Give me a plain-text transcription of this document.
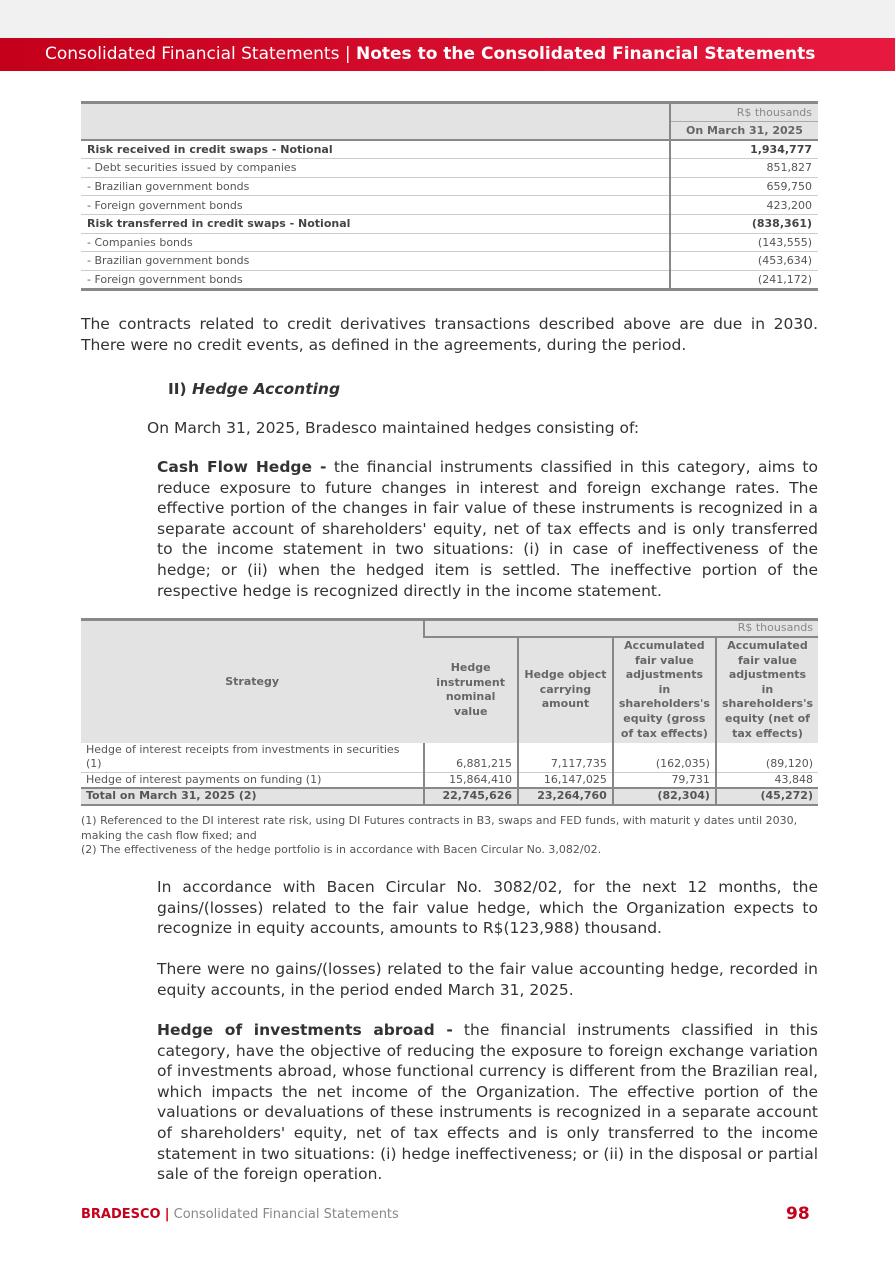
Consolidated Financial Statements | Notes to the Consolidated Financial Statements
	R$ thousands
	On March 31, 2025
Risk received in credit swaps - Notional	1,934,777
- Debt securities issued by companies	851,827
- Brazilian government bonds	659,750
- Foreign government bonds	423,200
Risk transferred in credit swaps - Notional	(838,361)
- Companies bonds	(143,555)
- Brazilian government bonds	(453,634)
- Foreign government bonds	(241,172)

The contracts related to credit derivatives transactions described above are due in 2030. There were no credit events, as defined in the agreements, during the period.

II) Hedge Acconting

On March 31, 2025, Bradesco maintained hedges consisting of:

Cash Flow Hedge - the financial instruments classified in this category, aims to reduce exposure to future changes in interest and foreign exchange rates. The effective portion of the changes in fair value of these instruments is recognized in a separate account of shareholders' equity, net of tax effects and is only transferred to the income statement in two situations: (i) in case of ineffectiveness of the hedge; or (ii) when the hedged item is settled. The ineffective portion of the respective hedge is recognized directly in the income statement.

Strategy	R$ thousands			
	Hedge instrument nominal value	Hedge object carrying amount	Accumulated fair value adjustments in shareholders's equity (gross of tax effects)	Accumulated fair value adjustments in shareholders's equity (net of tax effects)
Hedge of interest receipts from investments in securities (1)	6,881,215	7,117,735	(162,035)	(89,120)
Hedge of interest payments on funding (1)	15,864,410	16,147,025	79,731	43,848
Total on March 31, 2025 (2)	22,745,626	23,264,760	(82,304)	(45,272)
(1) Referenced to the DI interest rate risk, using DI Futures contracts in B3, swaps and FED funds, with maturit y dates until 2030, making the cash flow fixed; and
(2) The effectiveness of the hedge portfolio is in accordance with Bacen Circular No. 3,082/02.

In accordance with Bacen Circular No. 3082/02, for the next 12 months, the gains/(losses) related to the fair value hedge, which the Organization expects to recognize in equity accounts, amounts to R$(123,988) thousand.

There were no gains/(losses) related to the fair value accounting hedge, recorded in equity accounts, in the period ended March 31, 2025.

Hedge of investments abroad - the financial instruments classified in this category, have the objective of reducing the exposure to foreign exchange variation of investments abroad, whose functional currency is different from the Brazilian real, which impacts the net income of the Organization. The effective portion of the valuations or devaluations of these instruments is recognized in a separate account of shareholders' equity, net of tax effects and is only transferred to the income statement in two situations: (i) hedge ineffectiveness; or (ii) in the disposal or partial sale of the foreign operation.

BRADESCO | Consolidated Financial Statements	98
